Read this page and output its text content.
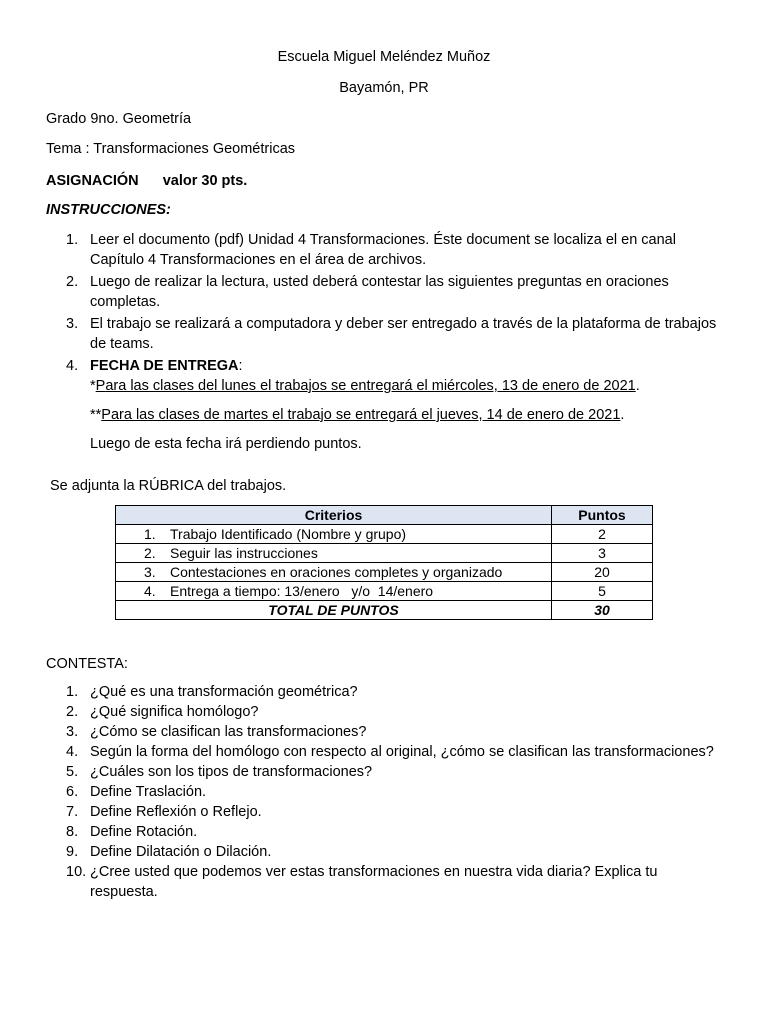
Escuela Miguel Meléndez Muñoz
Bayamón, PR
Grado 9no. Geometría
Tema : Transformaciones Geométricas
ASIGNACIÓN valor 30 pts.
INSTRUCCIONES:
1. Leer el documento (pdf) Unidad 4 Transformaciones. Éste document se localiza el en canal Capítulo 4 Transformaciones en el área de archivos.
2. Luego de realizar la lectura, usted deberá contestar las siguientes preguntas en oraciones completas.
3. El trabajo se realizará a computadora y deber ser entregado a través de la plataforma de trabajos de teams.
4. FECHA DE ENTREGA:
*Para las clases del lunes el trabajos se entregará el miércoles, 13 de enero de 2021.
**Para las clases de martes el trabajo se entregará el jueves, 14 de enero de 2021.
Luego de esta fecha irá perdiendo puntos.
Se adjunta la RÚBRICA del trabajos.
Criterios	Puntos

1. Trabajo Identificado (Nombre y grupo)	2

2. Seguir las instrucciones	3

3. Contestaciones en oraciones completes y organizado	20

4. Entrega a tiempo: 13/enero   y/o  14/enero	5
TOTAL DE PUNTOS	30
CONTESTA:
1. ¿Qué es una transformación geométrica?
2. ¿Qué significa homólogo?
3. ¿Cómo se clasifican las transformaciones?
4. Según la forma del homólogo con respecto al original, ¿cómo se clasifican las transformaciones?
5. ¿Cuáles son los tipos de transformaciones?
6. Define Traslación.
7. Define Reflexión o Reflejo.
8. Define Rotación.
9. Define Dilatación o Dilación.
10. ¿Cree usted que podemos ver estas transformaciones en nuestra vida diaria? Explica tu respuesta.
